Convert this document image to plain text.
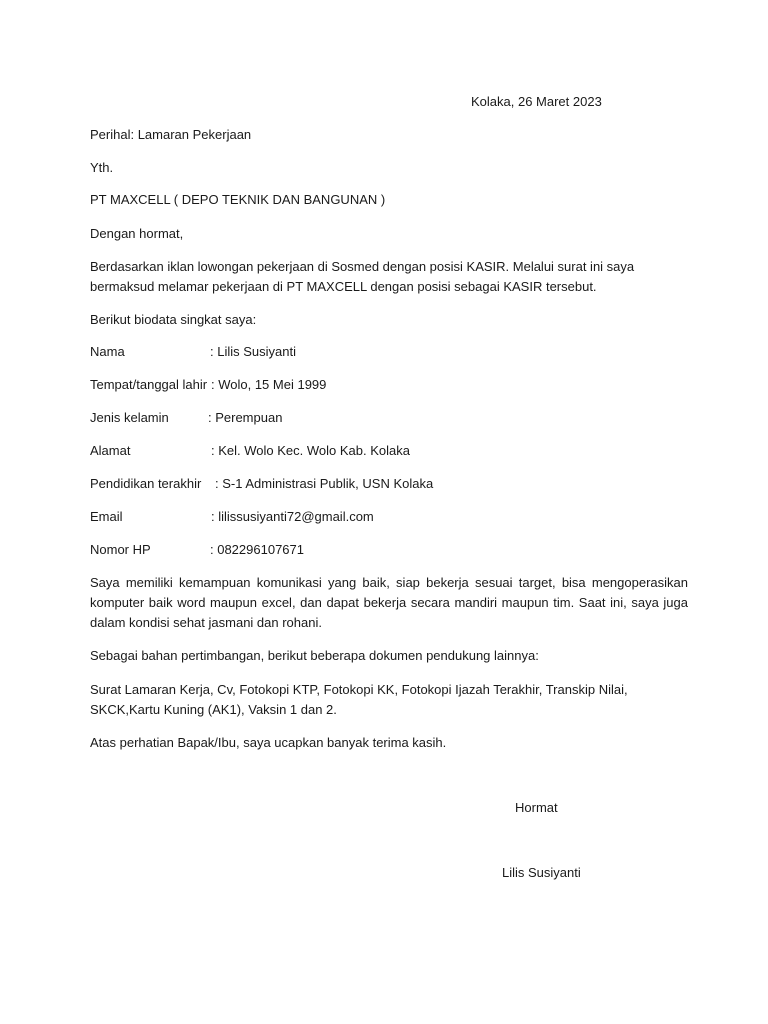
Kolaka, 26 Maret 2023
Perihal: Lamaran Pekerjaan
Yth.
PT MAXCELL ( DEPO TEKNIK DAN BANGUNAN )
Dengan hormat,
Berdasarkan iklan lowongan pekerjaan di Sosmed dengan posisi KASIR. Melalui surat ini saya bermaksud melamar pekerjaan di PT MAXCELL dengan posisi sebagai KASIR tersebut.
Berikut biodata singkat saya:
Nama	: Lilis Susiyanti
Tempat/tanggal lahir : Wolo, 15 Mei 1999
Jenis kelamin	: Perempuan
Alamat	: Kel. Wolo Kec. Wolo Kab. Kolaka
Pendidikan terakhir : S-1 Administrasi Publik, USN Kolaka
Email	: lilissusiyanti72@gmail.com
Nomor HP	: 082296107671
Saya memiliki kemampuan komunikasi yang baik, siap bekerja sesuai target, bisa mengoperasikan komputer baik word maupun excel, dan dapat bekerja secara mandiri maupun tim. Saat ini, saya juga dalam kondisi sehat jasmani dan rohani.
Sebagai bahan pertimbangan, berikut beberapa dokumen pendukung lainnya:
Surat Lamaran Kerja, Cv, Fotokopi KTP, Fotokopi KK, Fotokopi Ijazah Terakhir, Transkip Nilai, SKCK,Kartu Kuning (AK1), Vaksin 1 dan 2.
Atas perhatian Bapak/Ibu, saya ucapkan banyak terima kasih.
Hormat
Lilis Susiyanti
